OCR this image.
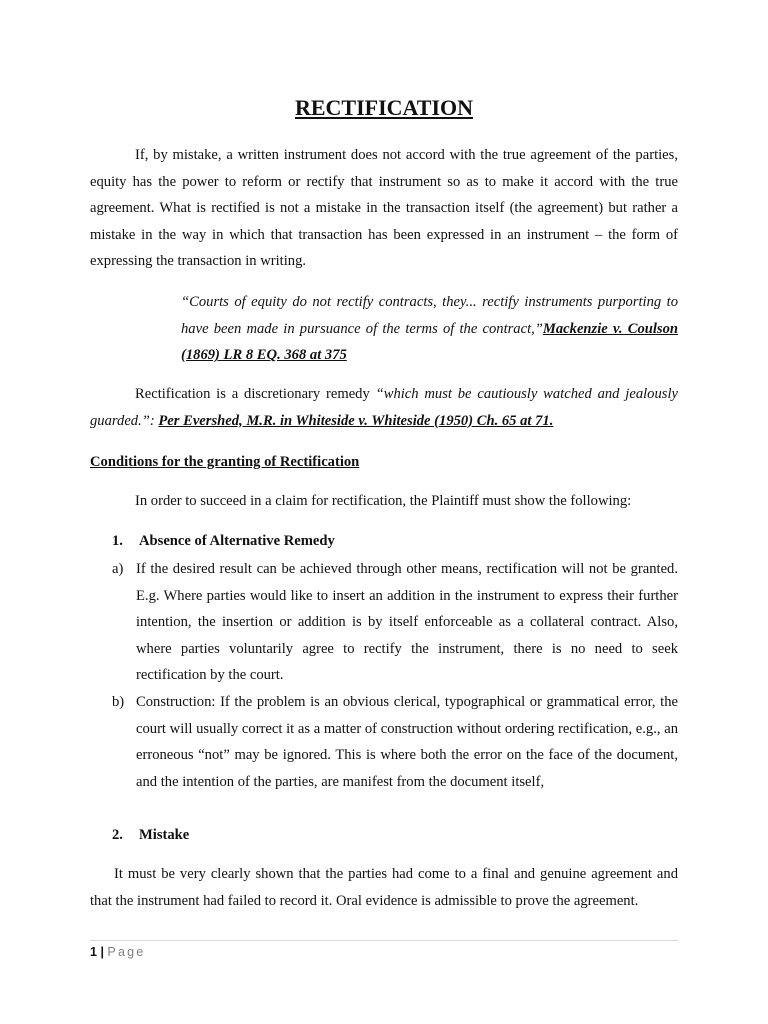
RECTIFICATION

If, by mistake, a written instrument does not accord with the true agreement of the parties, equity has the power to reform or rectify that instrument so as to make it accord with the true agreement. What is rectified is not a mistake in the transaction itself (the agreement) but rather a mistake in the way in which that transaction has been expressed in an instrument – the form of expressing the transaction in writing.

“Courts of equity do not rectify contracts, they... rectify instruments purporting to have been made in pursuance of the terms of the contract,”Mackenzie v. Coulson (1869) LR 8 EQ. 368 at 375

Rectification is a discretionary remedy “which must be cautiously watched and jealously guarded.”: Per Evershed, M.R. in Whiteside v. Whiteside (1950) Ch. 65 at 71.

Conditions for the granting of Rectification

In order to succeed in a claim for rectification, the Plaintiff must show the following:

1. Absence of Alternative Remedy
a) If the desired result can be achieved through other means, rectification will not be granted. E.g. Where parties would like to insert an addition in the instrument to express their further intention, the insertion or addition is by itself enforceable as a collateral contract. Also, where parties voluntarily agree to rectify the instrument, there is no need to seek rectification by the court.
b) Construction: If the problem is an obvious clerical, typographical or grammatical error, the court will usually correct it as a matter of construction without ordering rectification, e.g., an erroneous “not” may be ignored. This is where both the error on the face of the document, and the intention of the parties, are manifest from the document itself,
2. Mistake

It must be very clearly shown that the parties had come to a final and genuine agreement and that the instrument had failed to record it. Oral evidence is admissible to prove the agreement.

1 | Page
